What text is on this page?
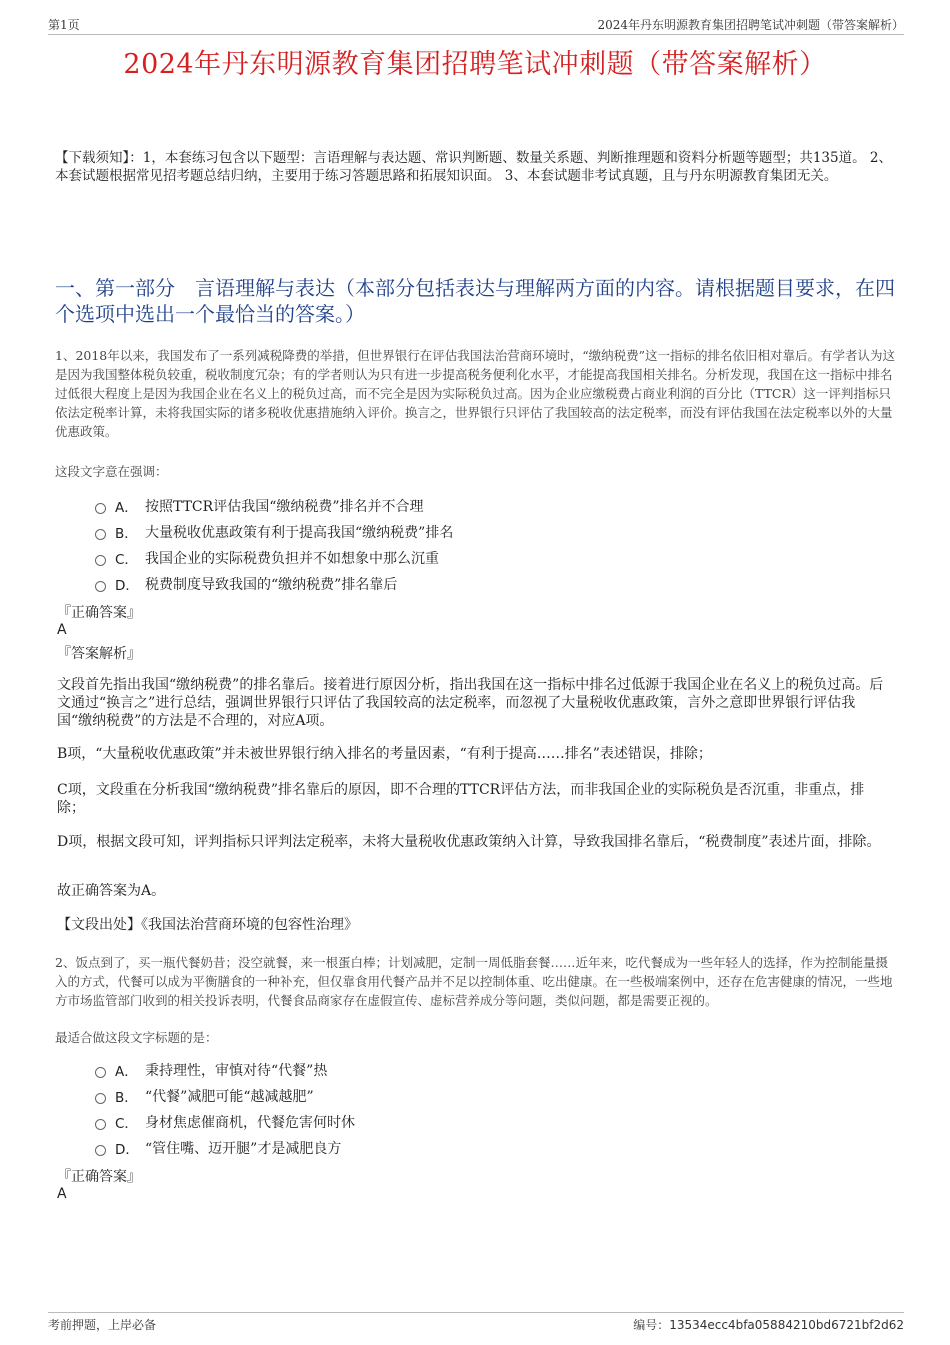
第1页	2024年丹东明源教育集团招聘笔试冲刺题（带答案解析）
2024年丹东明源教育集团招聘笔试冲刺题（带答案解析）
【下载须知】：1，本套练习包含以下题型：言语理解与表达题、常识判断题、数量关系题、判断推理题和资料分析题等题型；共135道。 2、本套试题根据常见招考题总结归纳，主要用于练习答题思路和拓展知识面。 3、本套试题非考试真题，且与丹东明源教育集团无关。
一、第一部分　言语理解与表达（本部分包括表达与理解两方面的内容。请根据题目要求，在四个选项中选出一个最恰当的答案。）
1、2018年以来，我国发布了一系列减税降费的举措，但世界银行在评估我国法治营商环境时，“缴纳税费”这一指标的排名依旧相对靠后。有学者认为这是因为我国整体税负较重，税收制度冗杂；有的学者则认为只有进一步提高税务便利化水平，才能提高我国相关排名。分析发现，我国在这一指标中排名过低很大程度上是因为我国企业在名义上的税负过高，而不完全是因为实际税负过高。因为企业应缴税费占商业利润的百分比（TTCR）这一评判指标只依法定税率计算，未将我国实际的诸多税收优惠措施纳入评价。换言之，世界银行只评估了我国较高的法定税率，而没有评估我国在法定税率以外的大量优惠政策。
这段文字意在强调：
A． 按照TTCR评估我国“缴纳税费”排名并不合理
B． 大量税收优惠政策有利于提高我国“缴纳税费”排名
C． 我国企业的实际税费负担并不如想象中那么沉重
D． 税费制度导致我国的“缴纳税费”排名靠后
『正确答案』
A
『答案解析』
文段首先指出我国“缴纳税费”的排名靠后。接着进行原因分析，指出我国在这一指标中排名过低源于我国企业在名义上的税负过高。后文通过“换言之”进行总结，强调世界银行只评估了我国较高的法定税率，而忽视了大量税收优惠政策，言外之意即世界银行评估我国“缴纳税费”的方法是不合理的，对应A项。
B项，“大量税收优惠政策”并未被世界银行纳入排名的考量因素，“有利于提高……排名”表述错误，排除；
C项，文段重在分析我国“缴纳税费”排名靠后的原因，即不合理的TTCR评估方法，而非我国企业的实际税负是否沉重，非重点，排除；
D项，根据文段可知，评判指标只评判法定税率，未将大量税收优惠政策纳入计算，导致我国排名靠后，“税费制度”表述片面，排除。
故正确答案为A。
【文段出处】《我国法治营商环境的包容性治理》
2、饭点到了，买一瓶代餐奶昔；没空就餐，来一根蛋白棒；计划减肥，定制一周低脂套餐……近年来，吃代餐成为一些年轻人的选择，作为控制能量摄入的方式，代餐可以成为平衡膳食的一种补充，但仅靠食用代餐产品并不足以控制体重、吃出健康。在一些极端案例中，还存在危害健康的情况，一些地方市场监管部门收到的相关投诉表明，代餐食品商家存在虚假宣传、虚标营养成分等问题，类似问题，都是需要正视的。
最适合做这段文字标题的是：
A． 秉持理性，审慎对待“代餐”热
B． “代餐”减肥可能“越减越肥”
C． 身材焦虑催商机，代餐危害何时休
D． “管住嘴、迈开腿”才是减肥良方
『正确答案』
A
考前押题，上岸必备	编号：13534ecc4bfa05884210bd6721bf2d62
